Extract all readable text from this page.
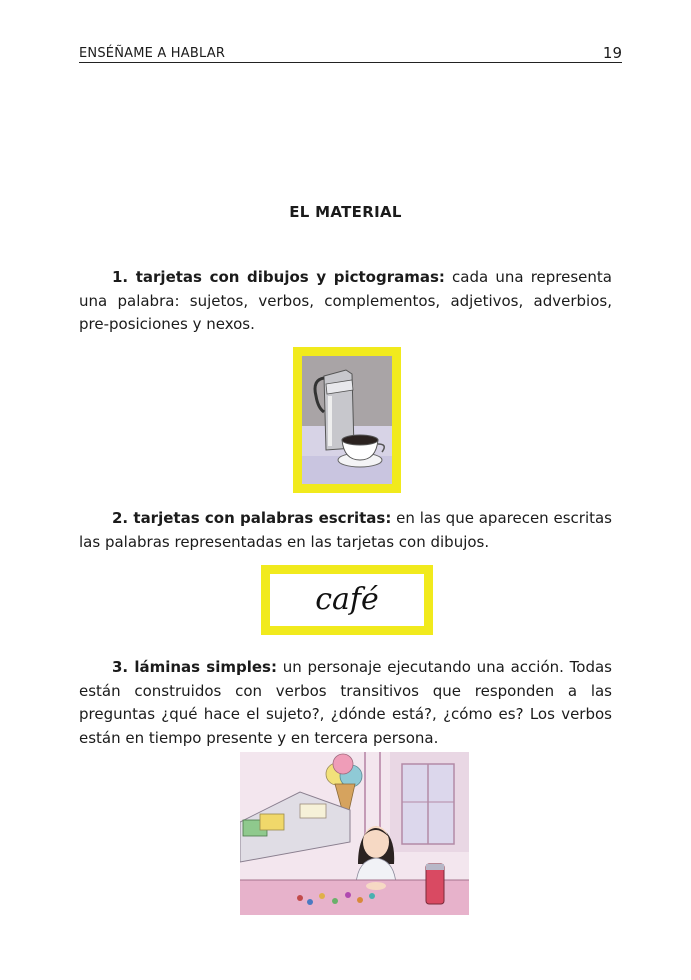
ENSÉÑAME A HABLAR	19
EL MATERIAL
1. tarjetas con dibujos y pictogramas: cada una representa una palabra: sujetos, verbos, complementos, adjetivos, adverbios, pre-posiciones y nexos.
2. tarjetas con palabras escritas: en las que aparecen escritas las palabras representadas en las tarjetas con dibujos.
café
3. láminas simples: un personaje ejecutando una acción. Todas están construidos con verbos transitivos que responden a las preguntas ¿qué hace el sujeto?, ¿dónde está?, ¿cómo es? Los verbos están en tiempo presente y en tercera persona.
